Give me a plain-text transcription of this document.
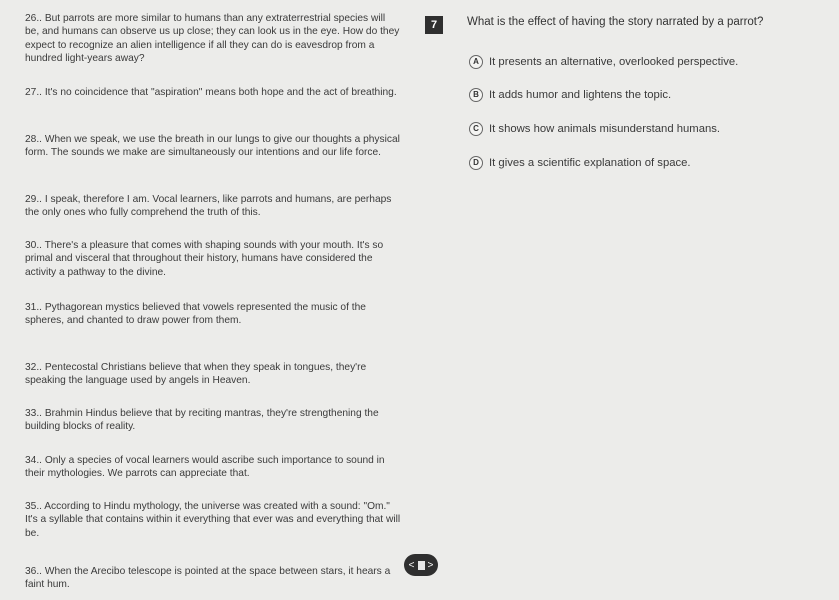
26.. But parrots are more similar to humans than any extraterrestrial species will be, and humans can observe us up close; they can look us in the eye. How do they expect to recognize an alien intelligence if all they can do is eavesdrop from a hundred light-years away?

27.. It's no coincidence that "aspiration" means both hope and the act of breathing.

28.. When we speak, we use the breath in our lungs to give our thoughts a physical form. The sounds we make are simultaneously our intentions and our life force.

29.. I speak, therefore I am. Vocal learners, like parrots and humans, are perhaps the only ones who fully comprehend the truth of this.

30.. There's a pleasure that comes with shaping sounds with your mouth. It's so primal and visceral that throughout their history, humans have considered the activity a pathway to the divine.

31.. Pythagorean mystics believed that vowels represented the music of the spheres, and chanted to draw power from them.

32.. Pentecostal Christians believe that when they speak in tongues, they're speaking the language used by angels in Heaven.

33.. Brahmin Hindus believe that by reciting mantras, they're strengthening the building blocks of reality.

34.. Only a species of vocal learners would ascribe such importance to sound in their mythologies. We parrots can appreciate that.

35.. According to Hindu mythology, the universe was created with a sound: "Om." It's a syllable that contains within it everything that ever was and everything that will be.

36.. When the Arecibo telescope is pointed at the space between stars, it hears a faint hum.

7	What is the effect of having the story narrated by a parrot?
A It presents an alternative, overlooked perspective.
B It adds humor and lightens the topic.
C It shows how animals misunderstand humans.
D It gives a scientific explanation of space.
< >
